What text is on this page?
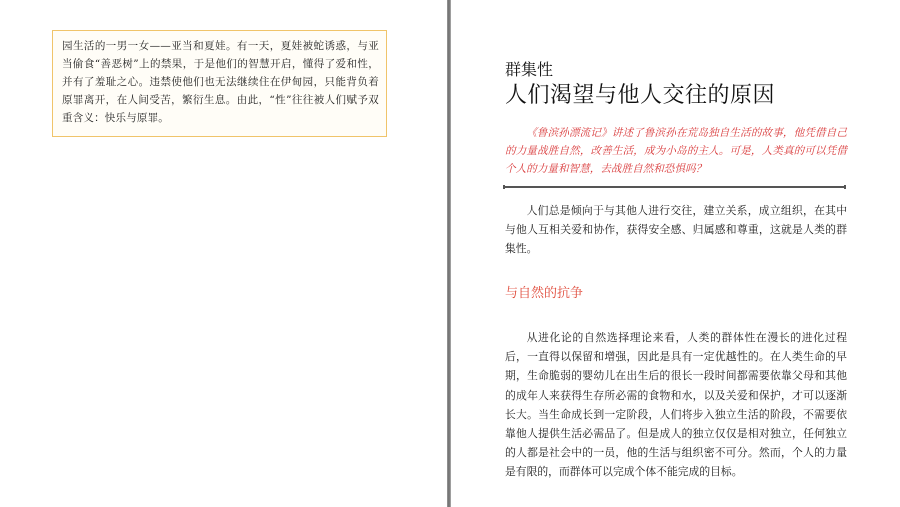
园生活的一男一女——亚当和夏娃。有一天，夏娃被蛇诱惑，与亚当偷食“善恶树”上的禁果，于是他们的智慧开启，懂得了爱和性，并有了羞耻之心。违禁使他们也无法继续住在伊甸园，只能背负着原罪离开，在人间受苦，繁衍生息。由此，“性”往往被人们赋予双重含义：快乐与原罪。
群集性
人们渴望与他人交往的原因
《鲁滨孙漂流记》讲述了鲁滨孙在荒岛独自生活的故事，他凭借自己的力量战胜自然，改善生活，成为小岛的主人。可是，人类真的可以凭借个人的力量和智慧，去战胜自然和恐惧吗？
人们总是倾向于与其他人进行交往，建立关系，成立组织，在其中与他人互相关爱和协作，获得安全感、归属感和尊重，这就是人类的群集性。
与自然的抗争
从进化论的自然选择理论来看，人类的群体性在漫长的进化过程后，一直得以保留和增强，因此是具有一定优越性的。在人类生命的早期，生命脆弱的婴幼儿在出生后的很长一段时间都需要依靠父母和其他的成年人来获得生存所必需的食物和水，以及关爱和保护，才可以逐渐长大。当生命成长到一定阶段，人们将步入独立生活的阶段，不需要依靠他人提供生活必需品了。但是成人的独立仅仅是相对独立，任何独立的人都是社会中的一员，他的生活与组织密不可分。然而，个人的力量是有限的，而群体可以完成个体不能完成的目标。
